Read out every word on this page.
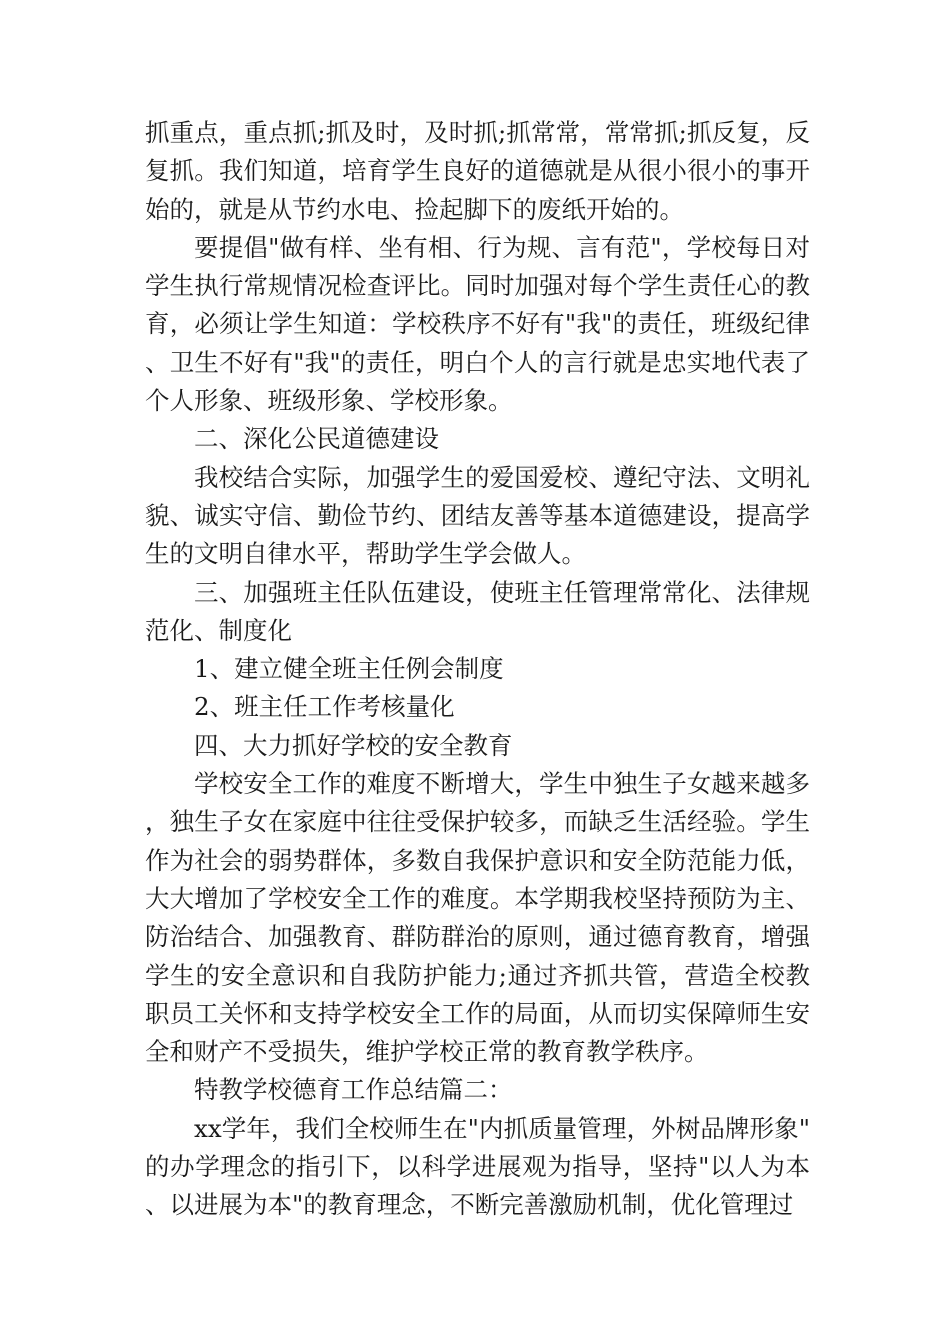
抓重点，重点抓;抓及时，及时抓;抓常常，常常抓;抓反复，反复抓。我们知道，培育学生良好的道德就是从很小很小的事开始的，就是从节约水电、捡起脚下的废纸开始的。

要提倡"做有样、坐有相、行为规、言有范"，学校每日对学生执行常规情况检查评比。同时加强对每个学生责任心的教育，必须让学生知道：学校秩序不好有"我"的责任，班级纪律、卫生不好有"我"的责任，明白个人的言行就是忠实地代表了个人形象、班级形象、学校形象。

二、深化公民道德建设

我校结合实际，加强学生的爱国爱校、遵纪守法、文明礼貌、诚实守信、勤俭节约、团结友善等基本道德建设，提高学生的文明自律水平，帮助学生学会做人。

三、加强班主任队伍建设，使班主任管理常常化、法律规范化、制度化

1、建立健全班主任例会制度

2、班主任工作考核量化

四、大力抓好学校的安全教育

学校安全工作的难度不断增大，学生中独生子女越来越多，独生子女在家庭中往往受保护较多，而缺乏生活经验。学生作为社会的弱势群体，多数自我保护意识和安全防范能力低，大大增加了学校安全工作的难度。本学期我校坚持预防为主、防治结合、加强教育、群防群治的原则，通过德育教育，增强学生的安全意识和自我防护能力;通过齐抓共管，营造全校教职员工关怀和支持学校安全工作的局面，从而切实保障师生安全和财产不受损失，维护学校正常的教育教学秩序。

特教学校德育工作总结篇二：

xx学年，我们全校师生在"内抓质量管理，外树品牌形象"的办学理念的指引下，以科学进展观为指导，坚持"以人为本、以进展为本"的教育理念，不断完善激励机制，优化管理过
